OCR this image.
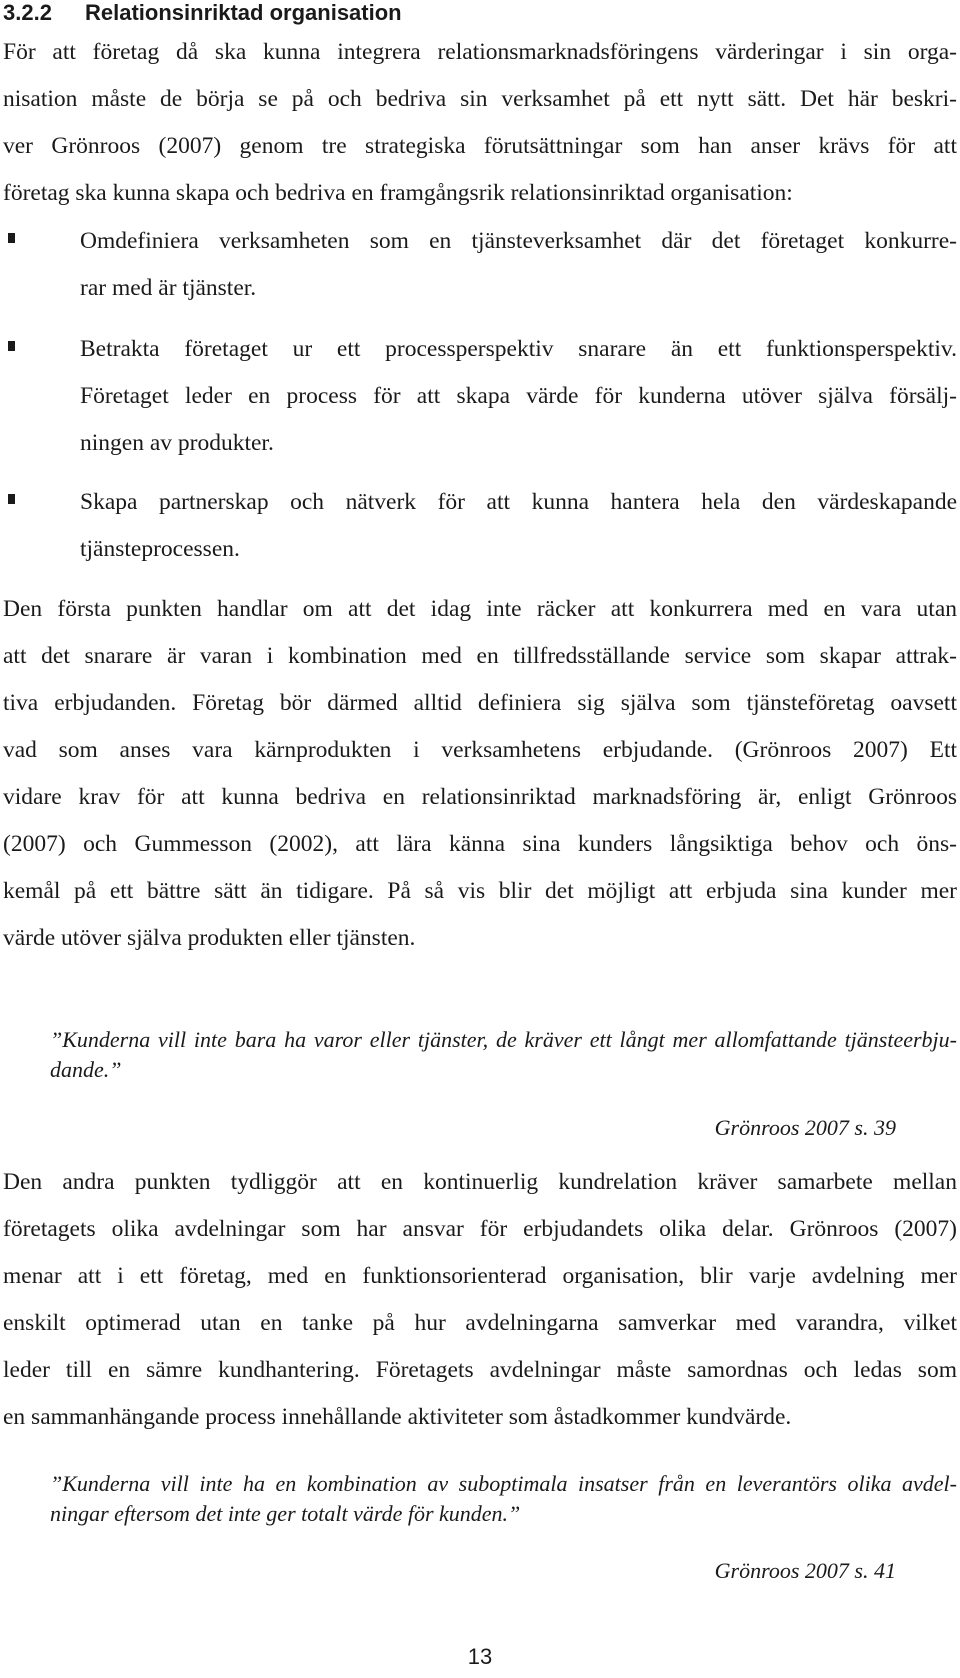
3.2.2 Relationsinriktad organisation
För att företag då ska kunna integrera relationsmarknadsföringens värderingar i sin orga-
nisation måste de börja se på och bedriva sin verksamhet på ett nytt sätt. Det här beskri-
ver Grönroos (2007) genom tre strategiska förutsättningar som han anser krävs för att
företag ska kunna skapa och bedriva en framgångsrik relationsinriktad organisation:
Omdefiniera verksamheten som en tjänsteverksamhet där det företaget konkurre-
rar med är tjänster.
Betrakta företaget ur ett processperspektiv snarare än ett funktionsperspektiv.
Företaget leder en process för att skapa värde för kunderna utöver själva försälj-
ningen av produkter.
Skapa partnerskap och nätverk för att kunna hantera hela den värdeskapande
tjänsteprocessen.
Den första punkten handlar om att det idag inte räcker att konkurrera med en vara utan
att det snarare är varan i kombination med en tillfredsställande service som skapar attrak-
tiva erbjudanden. Företag bör därmed alltid definiera sig själva som tjänsteföretag oavsett
vad som anses vara kärnprodukten i verksamhetens erbjudande. (Grönroos 2007) Ett
vidare krav för att kunna bedriva en relationsinriktad marknadsföring är, enligt Grönroos
(2007) och Gummesson (2002), att lära känna sina kunders långsiktiga behov och öns-
kemål på ett bättre sätt än tidigare. På så vis blir det möjligt att erbjuda sina kunder mer
värde utöver själva produkten eller tjänsten.
”Kunderna vill inte bara ha varor eller tjänster, de kräver ett långt mer allomfattande tjänsteerbju-
dande.”
Grönroos 2007 s. 39
Den andra punkten tydliggör att en kontinuerlig kundrelation kräver samarbete mellan
företagets olika avdelningar som har ansvar för erbjudandets olika delar. Grönroos (2007)
menar att i ett företag, med en funktionsorienterad organisation, blir varje avdelning mer
enskilt optimerad utan en tanke på hur avdelningarna samverkar med varandra, vilket
leder till en sämre kundhantering. Företagets avdelningar måste samordnas och ledas som
en sammanhängande process innehållande aktiviteter som åstadkommer kundvärde.
”Kunderna vill inte ha en kombination av suboptimala insatser från en leverantörs olika avdel-
ningar eftersom det inte ger totalt värde för kunden.”
Grönroos 2007 s. 41
13
